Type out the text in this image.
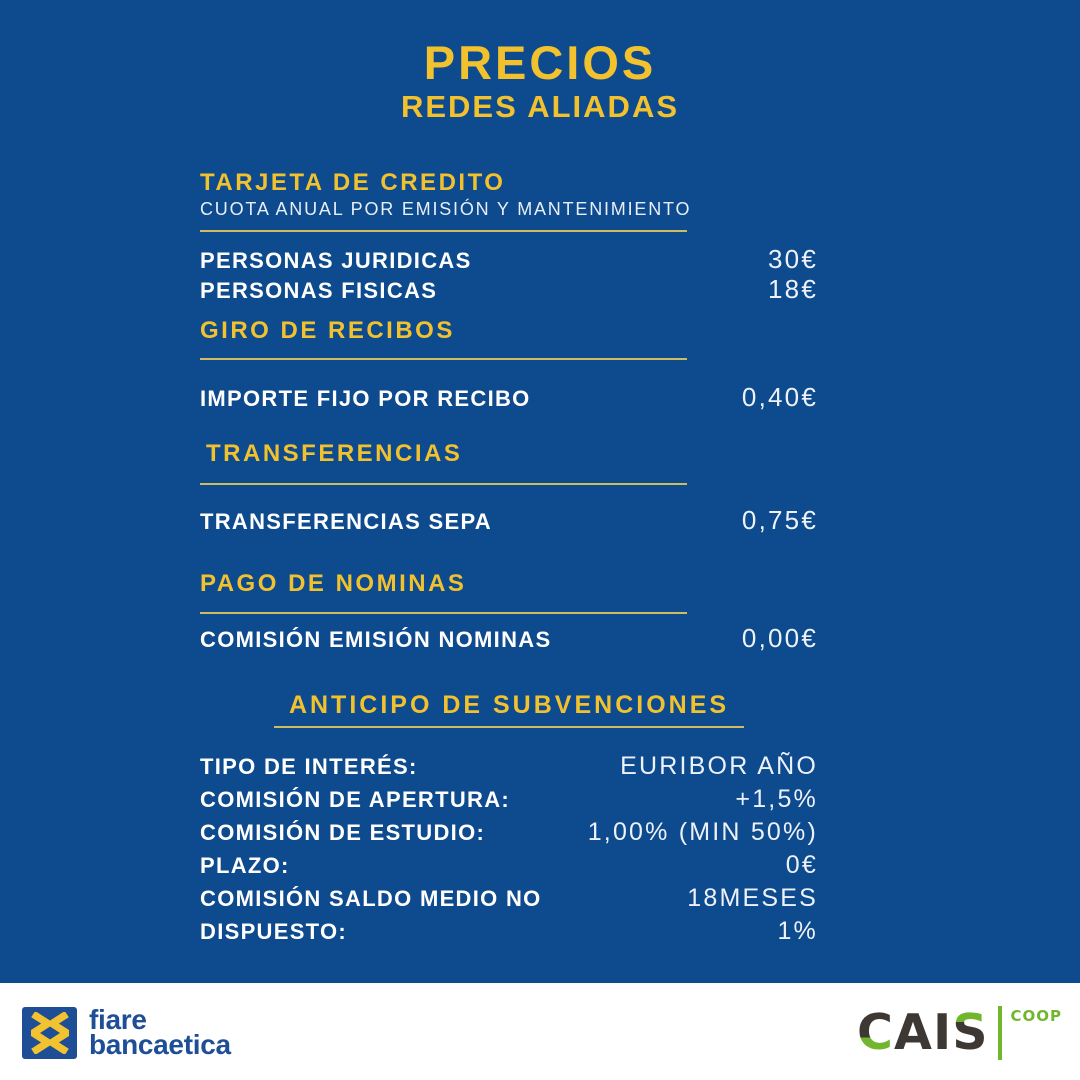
PRECIOS
REDES ALIADAS
TARJETA DE CREDITO
CUOTA ANUAL POR EMISIÓN Y MANTENIMIENTO
PERSONAS JURIDICAS	30€
PERSONAS FISICAS	18€
GIRO DE RECIBOS
IMPORTE FIJO POR RECIBO	0,40€
TRANSFERENCIAS
TRANSFERENCIAS SEPA	0,75€
PAGO DE NOMINAS
COMISIÓN EMISIÓN NOMINAS	0,00€
ANTICIPO DE SUBVENCIONES
TIPO DE INTERÉS:	EURIBOR AÑO
COMISIÓN DE APERTURA:	+1,5%
COMISIÓN DE ESTUDIO:	1,00% (MIN 50%)
PLAZO:	0€
COMISIÓN SALDO MEDIO NO	18MESES
DISPUESTO:	1%
fiare
bancaetica	CAIS COOP
